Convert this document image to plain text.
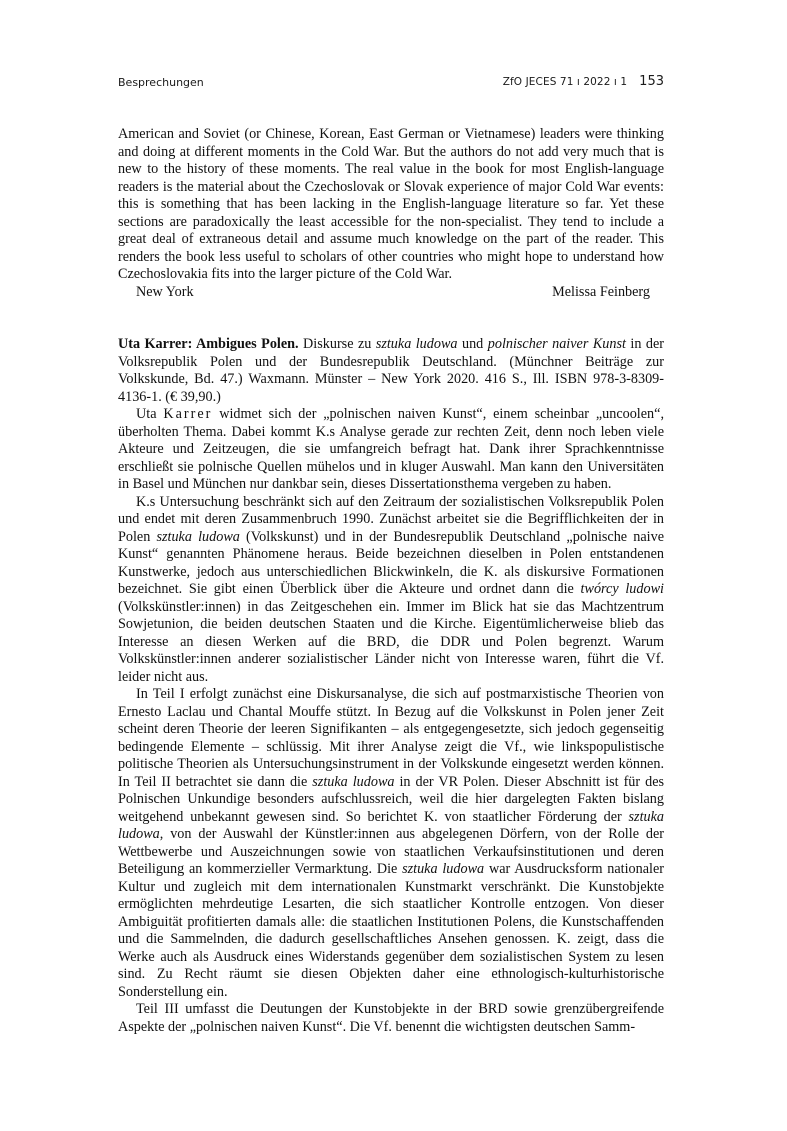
Besprechungen	ZfO JECES 71 ı 2022 ı 1 153

American and Soviet (or Chinese, Korean, East German or Vietnamese) leaders were thinking and doing at different moments in the Cold War. But the authors do not add very much that is new to the history of these moments. The real value in the book for most English-language readers is the material about the Czechoslovak or Slovak experience of major Cold War events: this is something that has been lacking in the English-language literature so far. Yet these sections are paradoxically the least accessible for the non-specialist. They tend to include a great deal of extraneous detail and assume much knowledge on the part of the reader. This renders the book less useful to scholars of other countries who might hope to understand how Czechoslovakia fits into the larger picture of the Cold War.

New York	Melissa Feinberg

Uta Karrer: Ambigues Polen. Diskurse zu sztuka ludowa und polnischer naiver Kunst in der Volksrepublik Polen und der Bundesrepublik Deutschland. (Münchner Beiträge zur Volkskunde, Bd. 47.) Waxmann. Münster – New York 2020. 416 S., Ill. ISBN 978-3-8309-4136-1. (€ 39,90.)

Uta Karrer widmet sich der „polnischen naiven Kunst“, einem scheinbar „uncoolen“, überholten Thema. Dabei kommt K.s Analyse gerade zur rechten Zeit, denn noch leben viele Akteure und Zeitzeugen, die sie umfangreich befragt hat. Dank ihrer Sprachkenntnisse erschließt sie polnische Quellen mühelos und in kluger Auswahl. Man kann den Universitäten in Basel und München nur dankbar sein, dieses Dissertationsthema vergeben zu haben.

K.s Untersuchung beschränkt sich auf den Zeitraum der sozialistischen Volksrepublik Polen und endet mit deren Zusammenbruch 1990. Zunächst arbeitet sie die Begrifflichkeiten der in Polen sztuka ludowa (Volkskunst) und in der Bundesrepublik Deutschland „polnische naive Kunst“ genannten Phänomene heraus. Beide bezeichnen dieselben in Polen entstandenen Kunstwerke, jedoch aus unterschiedlichen Blickwinkeln, die K. als diskursive Formationen bezeichnet. Sie gibt einen Überblick über die Akteure und ordnet dann die twórcy ludowi (Volkskünstler:innen) in das Zeitgeschehen ein. Immer im Blick hat sie das Machtzentrum Sowjetunion, die beiden deutschen Staaten und die Kirche. Eigentümlicherweise blieb das Interesse an diesen Werken auf die BRD, die DDR und Polen begrenzt. Warum Volkskünstler:innen anderer sozialistischer Länder nicht von Interesse waren, führt die Vf. leider nicht aus.

In Teil I erfolgt zunächst eine Diskursanalyse, die sich auf postmarxistische Theorien von Ernesto Laclau und Chantal Mouffe stützt. In Bezug auf die Volkskunst in Polen jener Zeit scheint deren Theorie der leeren Signifikanten – als entgegengesetzte, sich jedoch gegenseitig bedingende Elemente – schlüssig. Mit ihrer Analyse zeigt die Vf., wie linkspopulistische politische Theorien als Untersuchungsinstrument in der Volkskunde eingesetzt werden können. In Teil II betrachtet sie dann die sztuka ludowa in der VR Polen. Dieser Abschnitt ist für des Polnischen Unkundige besonders aufschlussreich, weil die hier dargelegten Fakten bislang weitgehend unbekannt gewesen sind. So berichtet K. von staatlicher Förderung der sztuka ludowa, von der Auswahl der Künstler:innen aus abgelegenen Dörfern, von der Rolle der Wettbewerbe und Auszeichnungen sowie von staatlichen Verkaufsinstitutionen und deren Beteiligung an kommerzieller Vermarktung. Die sztuka ludowa war Ausdrucksform nationaler Kultur und zugleich mit dem internationalen Kunstmarkt verschränkt. Die Kunstobjekte ermöglichten mehrdeutige Lesarten, die sich staatlicher Kontrolle entzogen. Von dieser Ambiguität profitierten damals alle: die staatlichen Institutionen Polens, die Kunstschaffenden und die Sammelnden, die dadurch gesellschaftliches Ansehen genossen. K. zeigt, dass die Werke auch als Ausdruck eines Widerstands gegenüber dem sozialistischen System zu lesen sind. Zu Recht räumt sie diesen Objekten daher eine ethnologisch-kulturhistorische Sonderstellung ein.

Teil III umfasst die Deutungen der Kunstobjekte in der BRD sowie grenzübergreifende Aspekte der „polnischen naiven Kunst“. Die Vf. benennt die wichtigsten deutschen Samm-
